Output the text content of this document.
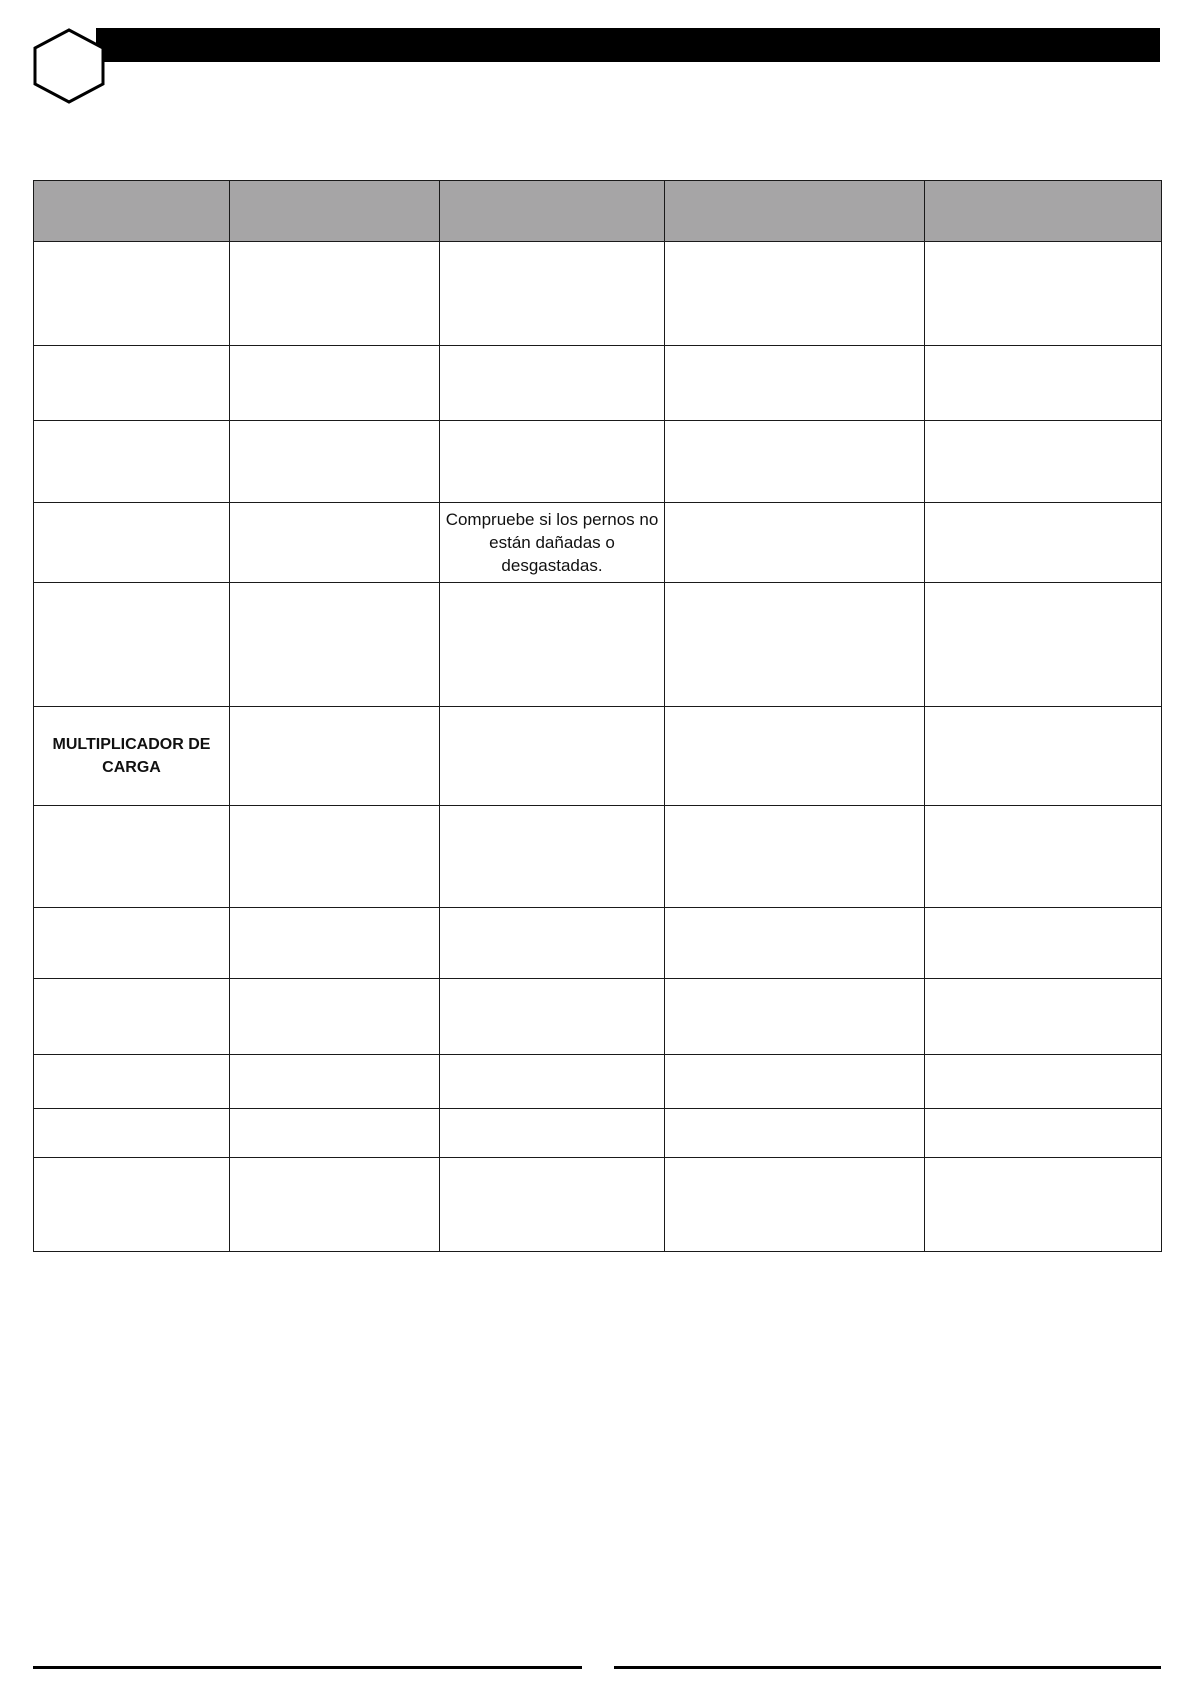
		Compruebe si los pernos no están dañadas o desgastadas.		

MULTIPLICADOR DE CARGA				
